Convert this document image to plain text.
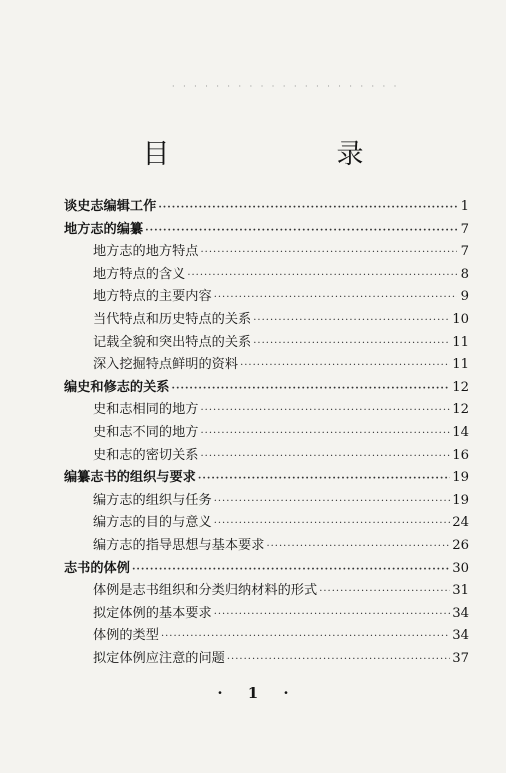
· · · · · · · · · · · · · · · · · · · · ·
目　录
谈史志编辑工作 ·····	1
地方志的编纂 ·····	7
地方志的地方特点 ·····	7
地方特点的含义 ·····	8
地方特点的主要内容 ·····	9
当代特点和历史特点的关系 ·····	10
记载全貌和突出特点的关系 ·····	11
深入挖掘特点鲜明的资料 ·····	11
编史和修志的关系 ·····	12
史和志相同的地方 ·····	12
史和志不同的地方 ·····	14
史和志的密切关系 ·····	16
编纂志书的组织与要求 ·····	19
编方志的组织与任务 ·····	19
编方志的目的与意义 ·····	24
编方志的指导思想与基本要求 ·····	26
志书的体例 ·····	30
体例是志书组织和分类归纳材料的形式 ·····	31
拟定体例的基本要求 ·····	34
体例的类型 ·····	34
拟定体例应注意的问题 ·····	37
· 1 ·
